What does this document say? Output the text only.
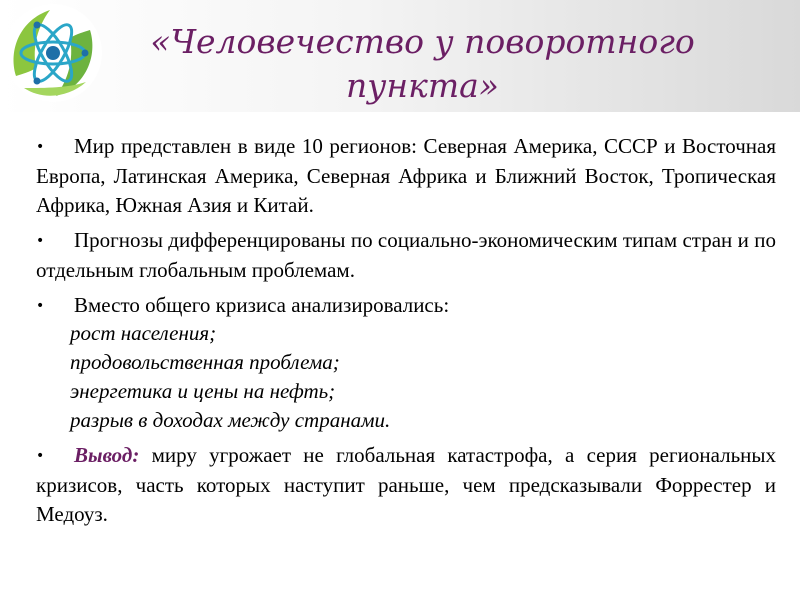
«Человечество у поворотного пункта»

• Мир представлен в виде 10 регионов: Северная Америка, СССР и Восточная Европа, Латинская Америка, Северная Африка и Ближний Восток, Тропическая Африка, Южная Азия и Китай.

• Прогнозы дифференцированы по социально-экономическим типам стран и по отдельным глобальным проблемам.

• Вместо общего кризиса анализировались:

рост населения;
продовольственная проблема;
энергетика и цены на нефть;
разрыв в доходах между странами.

• Вывод: миру угрожает не глобальная катастрофа, а серия региональных кризисов, часть которых наступит раньше, чем предсказывали Форрестер и Медоуз.
